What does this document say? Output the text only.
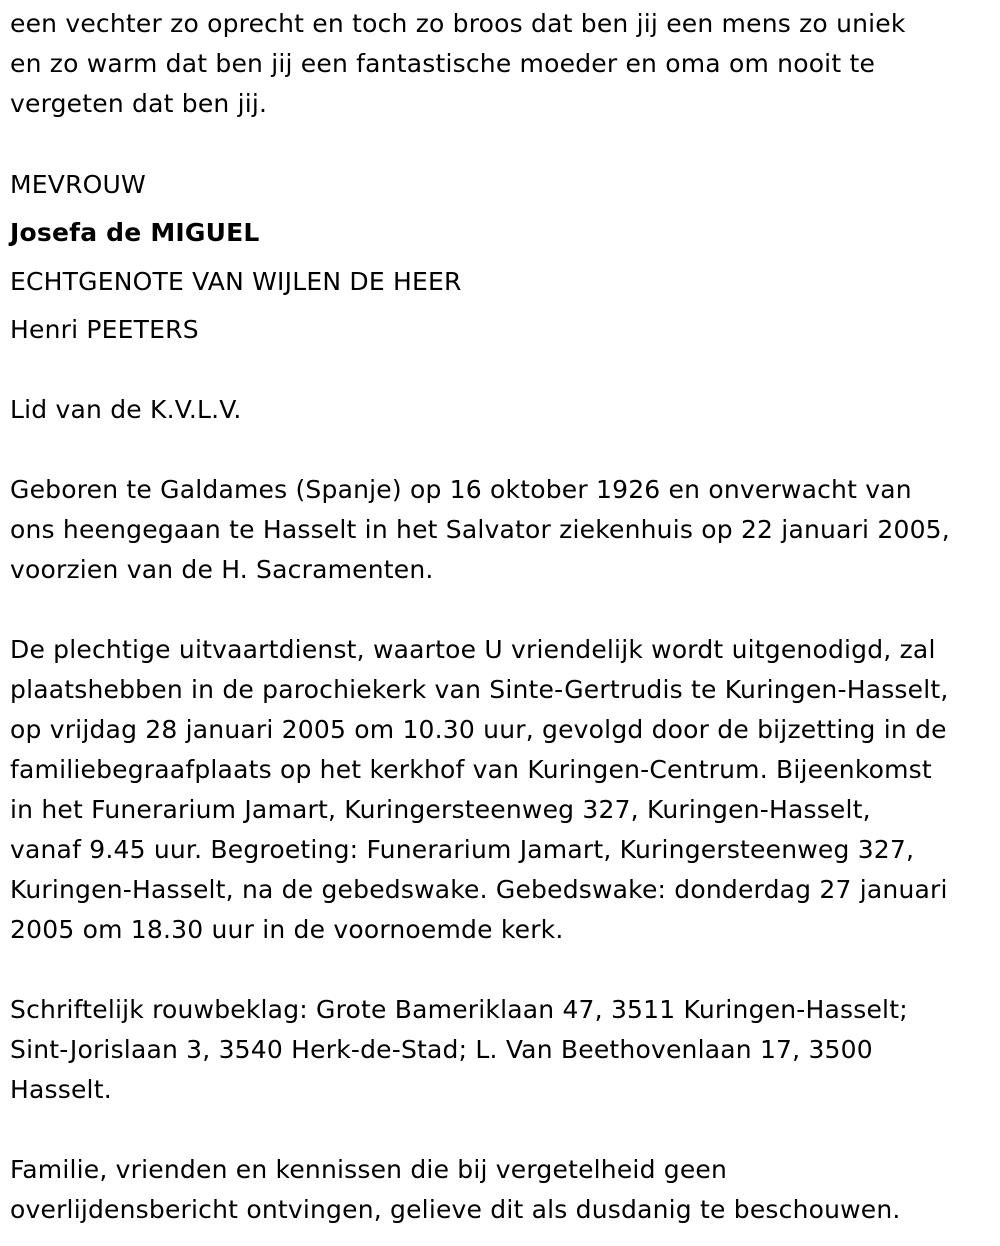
een vechter zo oprecht en toch zo broos dat ben jij een mens zo uniek
en zo warm dat ben jij een fantastische moeder en oma om nooit te
vergeten dat ben jij.

MEVROUW

Josefa de MIGUEL

ECHTGENOTE VAN WIJLEN DE HEER

Henri PEETERS

Lid van de K.V.L.V.

Geboren te Galdames (Spanje) op 16 oktober 1926 en onverwacht van
ons heengegaan te Hasselt in het Salvator ziekenhuis op 22 januari 2005,
voorzien van de H. Sacramenten.

De plechtige uitvaartdienst, waartoe U vriendelijk wordt uitgenodigd, zal
plaatshebben in de parochiekerk van Sinte-Gertrudis te Kuringen-Hasselt,
op vrijdag 28 januari 2005 om 10.30 uur, gevolgd door de bijzetting in de
familiebegraafplaats op het kerkhof van Kuringen-Centrum. Bijeenkomst
in het Funerarium Jamart, Kuringersteenweg 327, Kuringen-Hasselt,
vanaf 9.45 uur. Begroeting: Funerarium Jamart, Kuringersteenweg 327,
Kuringen-Hasselt, na de gebedswake. Gebedswake: donderdag 27 januari
2005 om 18.30 uur in de voornoemde kerk.

Schriftelijk rouwbeklag: Grote Bameriklaan 47, 3511 Kuringen-Hasselt;
Sint-Jorislaan 3, 3540 Herk-de-Stad; L. Van Beethovenlaan 17, 3500
Hasselt.

Familie, vrienden en kennissen die bij vergetelheid geen
overlijdensbericht ontvingen, gelieve dit als dusdanig te beschouwen.
